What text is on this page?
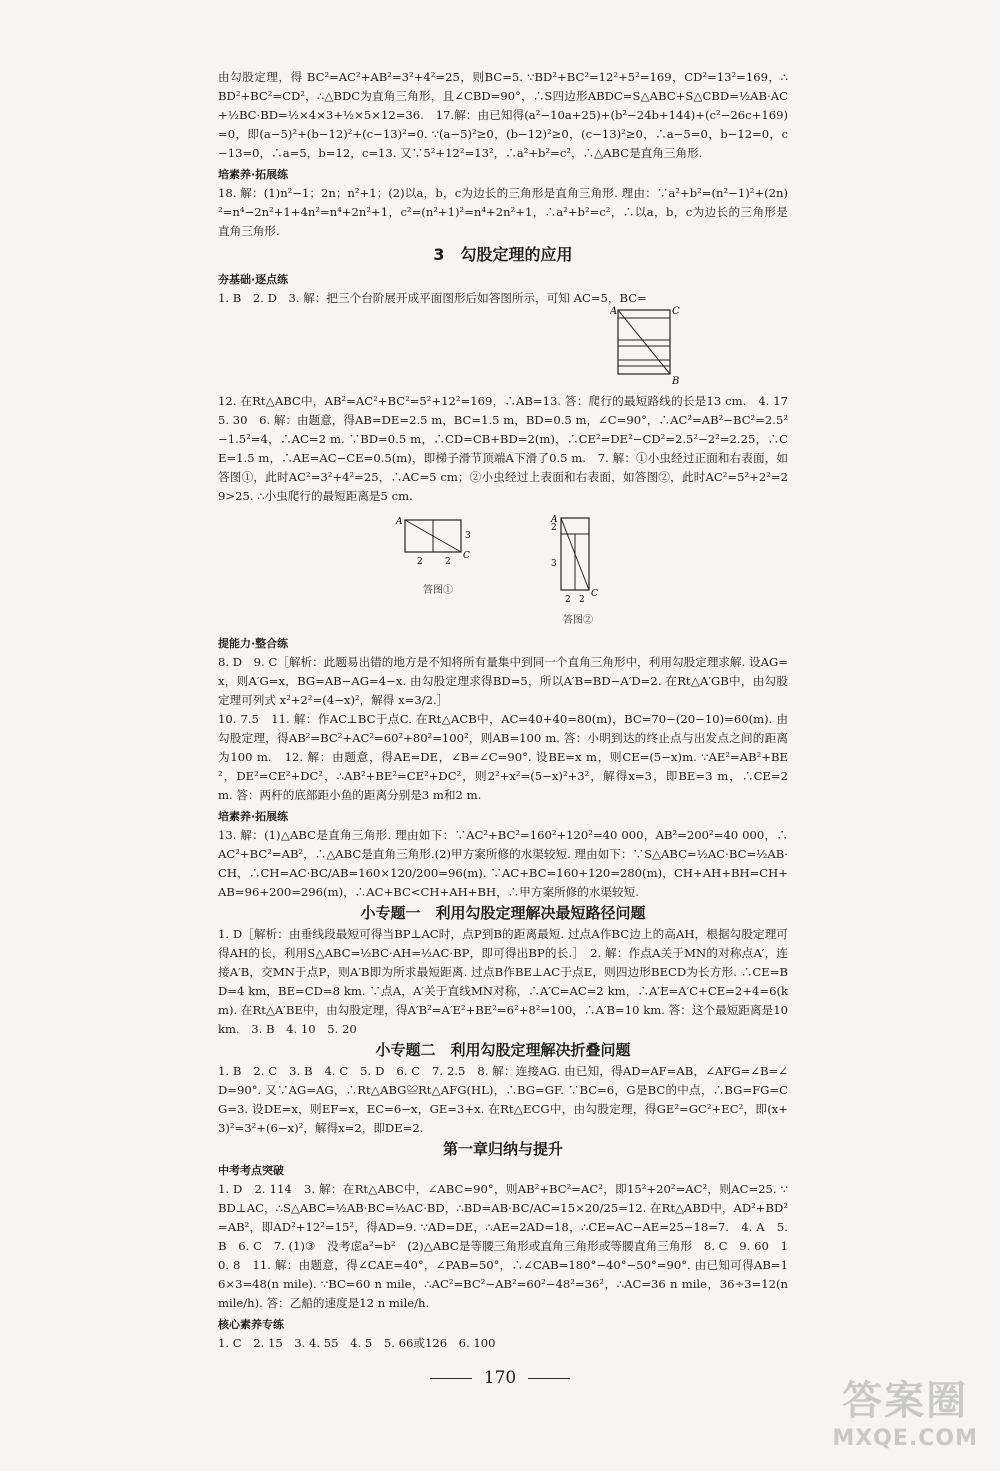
由勾股定理，得 BC²=AC²+AB²=3²+4²=25，则BC=5. ∵BD²+BC²=12²+5²=169，CD²=13²=169，∴BD²+BC²=CD²，∴△BDC为直角三角形，且∠CBD=90°，∴S四边形ABDC=S△ABC+S△CBD=½AB·AC+½BC·BD=½×4×3+½×5×12=36.　17.解：由已知得(a²−10a+25)+(b²−24b+144)+(c²−26c+169)=0，即(a−5)²+(b−12)²+(c−13)²=0. ∵(a−5)²≥0，(b−12)²≥0，(c−13)²≥0，∴a−5=0，b−12=0，c−13=0，∴a=5，b=12，c=13. 又∵5²+12²=13²，∴a²+b²=c²，∴△ABC是直角三角形.

培素养·拓展练

18. 解：(1)n²−1；2n；n²+1；(2)以a，b，c为边长的三角形是直角三角形. 理由：∵a²+b²=(n²−1)²+(2n)²=n⁴−2n²+1+4n²=n⁴+2n²+1，c²=(n²+1)²=n⁴+2n²+1，∴a²+b²=c²，∴以a，b，c为边长的三角形是直角三角形.

3　勾股定理的应用
夯基础·逐点练

1. B　2. D　3. 解：把三个台阶展开成平面图形后如答图所示，可知 AC=5，BC=

A	C
B

12. 在Rt△ABC中，AB²=AC²+BC²=5²+12²=169，∴AB=13. 答：爬行的最短路线的长是13 cm.　4. 17　5. 30　6. 解：由题意，得AB=DE=2.5 m，BC=1.5 m，BD=0.5 m，∠C=90°，∴AC²=AB²−BC²=2.5²−1.5²=4，∴AC=2 m. ∵BD=0.5 m，∴CD=CB+BD=2(m)，∴CE²=DE²−CD²=2.5²−2²=2.25，∴CE=1.5 m，∴AE=AC−CE=0.5(m)，即梯子滑节顶端A下滑了0.5 m.　7. 解：①小虫经过正面和右表面，如答图①，此时AC²=3²+4²=25，∴AC=5 cm；②小虫经过上表面和右表面，如答图②，此时AC²=5²+2²=29>25. ∴小虫爬行的最短距离是5 cm.

A
C
3
2 2
答图①
A
C
2
3
2 2
答图②
提能力·整合练

8. D　9. C［解析：此题易出错的地方是不知将所有量集中到同一个直角三角形中，利用勾股定理求解. 设AG=x，则A′G=x，BG=AB−AG=4−x. 由勾股定理求得BD=5，所以A′B=BD−A′D=2. 在Rt△A′GB中，由勾股定理可列式 x²+2²=(4−x)²，解得 x=3/2.］

10. 7.5　11. 解：作AC⊥BC于点C. 在Rt△ACB中，AC=40+40=80(m)，BC=70−(20−10)=60(m). 由勾股定理，得AB²=BC²+AC²=60²+80²=100²，则AB=100 m. 答：小明到达的终止点与出发点之间的距离为100 m.　12. 解：由题意，得AE=DE，∠B=∠C=90°. 设BE=x m，则CE=(5−x)m. ∵AE²=AB²+BE²，DE²=CE²+DC²，∴AB²+BE²=CE²+DC²，则2²+x²=(5−x)²+3²，解得x=3，即BE=3 m，∴CE=2 m. 答：两杆的底部距小鱼的距离分别是3 m和2 m.

培素养·拓展练

13. 解：(1)△ABC是直角三角形. 理由如下：∵AC²+BC²=160²+120²=40 000，AB²=200²=40 000，∴AC²+BC²=AB²，∴△ABC是直角三角形.(2)甲方案所修的水渠较短. 理由如下：∵S△ABC=½AC·BC=½AB·CH，∴CH=AC·BC/AB=160×120/200=96(m). ∵AC+BC=160+120=280(m)，CH+AH+BH=CH+AB=96+200=296(m)，∴AC+BC<CH+AH+BH，∴甲方案所修的水渠较短.

小专题一　利用勾股定理解决最短路径问题

1. D［解析：由垂线段最短可得当BP⊥AC时，点P到B的距离最短. 过点A作BC边上的高AH，根据勾股定理可得AH的长，利用S△ABC=½BC·AH=½AC·BP，即可得出BP的长.］　2. 解：作点A关于MN的对称点A′，连接A′B，交MN于点P，则A′B即为所求最短距离. 过点B作BE⊥AC于点E，则四边形BECD为长方形. ∴CE=BD=4 km，BE=CD=8 km. ∵点A，A′关于直线MN对称，∴A′C=AC=2 km，∴A′E=A′C+CE=2+4=6(km). 在Rt△A′BE中，由勾股定理，得A′B²=A′E²+BE²=6²+8²=100，∴A′B=10 km. 答：这个最短距离是10 km.　3. B　4. 10　5. 20

小专题二　利用勾股定理解决折叠问题

1. B　2. C　3. B　4. C　5. D　6. C　7. 2.5　8. 解：连接AG. 由已知，得AD=AF=AB，∠AFG=∠B=∠D=90°. 又∵AG=AG，∴Rt△ABG≌Rt△AFG(HL)，∴BG=GF. ∵BC=6，G是BC的中点，∴BG=FG=CG=3. 设DE=x，则EF=x，EC=6−x，GE=3+x. 在Rt△ECG中，由勾股定理，得GE²=GC²+EC²，即(x+3)²=3²+(6−x)²，解得x=2，即DE=2.

第一章归纳与提升
中考考点突破

1. D　2. 114　3. 解：在Rt△ABC中，∠ABC=90°，则AB²+BC²=AC²，即15²+20²=AC²，则AC=25. ∵BD⊥AC，∴S△ABC=½AB·BC=½AC·BD，∴BD=AB·BC/AC=15×20/25=12. 在Rt△ABD中，AD²+BD²=AB²，即AD²+12²=15²，得AD=9. ∵AD=DE，∴AE=2AD=18，∴CE=AC−AE=25−18=7.　4. A　5. B　6. C　7. (1)③　没考虑a²=b²　(2)△ABC是等腰三角形或直角三角形或等腰直角三角形　8. C　9. 60　10. 8　11. 解：由题意，得∠CAE=40°，∠PAB=50°，∴∠CAB=180°−40°−50°=90°. 由已知可得AB=16×3=48(n mile). ∵BC=60 n mile，∴AC²=BC²−AB²=60²−48²=36²，∴AC=36 n mile，36÷3=12(n mile/h). 答：乙船的速度是12 n mile/h.

核心素养专练

1. C　2. 15　3. 4. 55　4. 5　5. 66或126　6. 100

170	答案圈
MXQE.COM
